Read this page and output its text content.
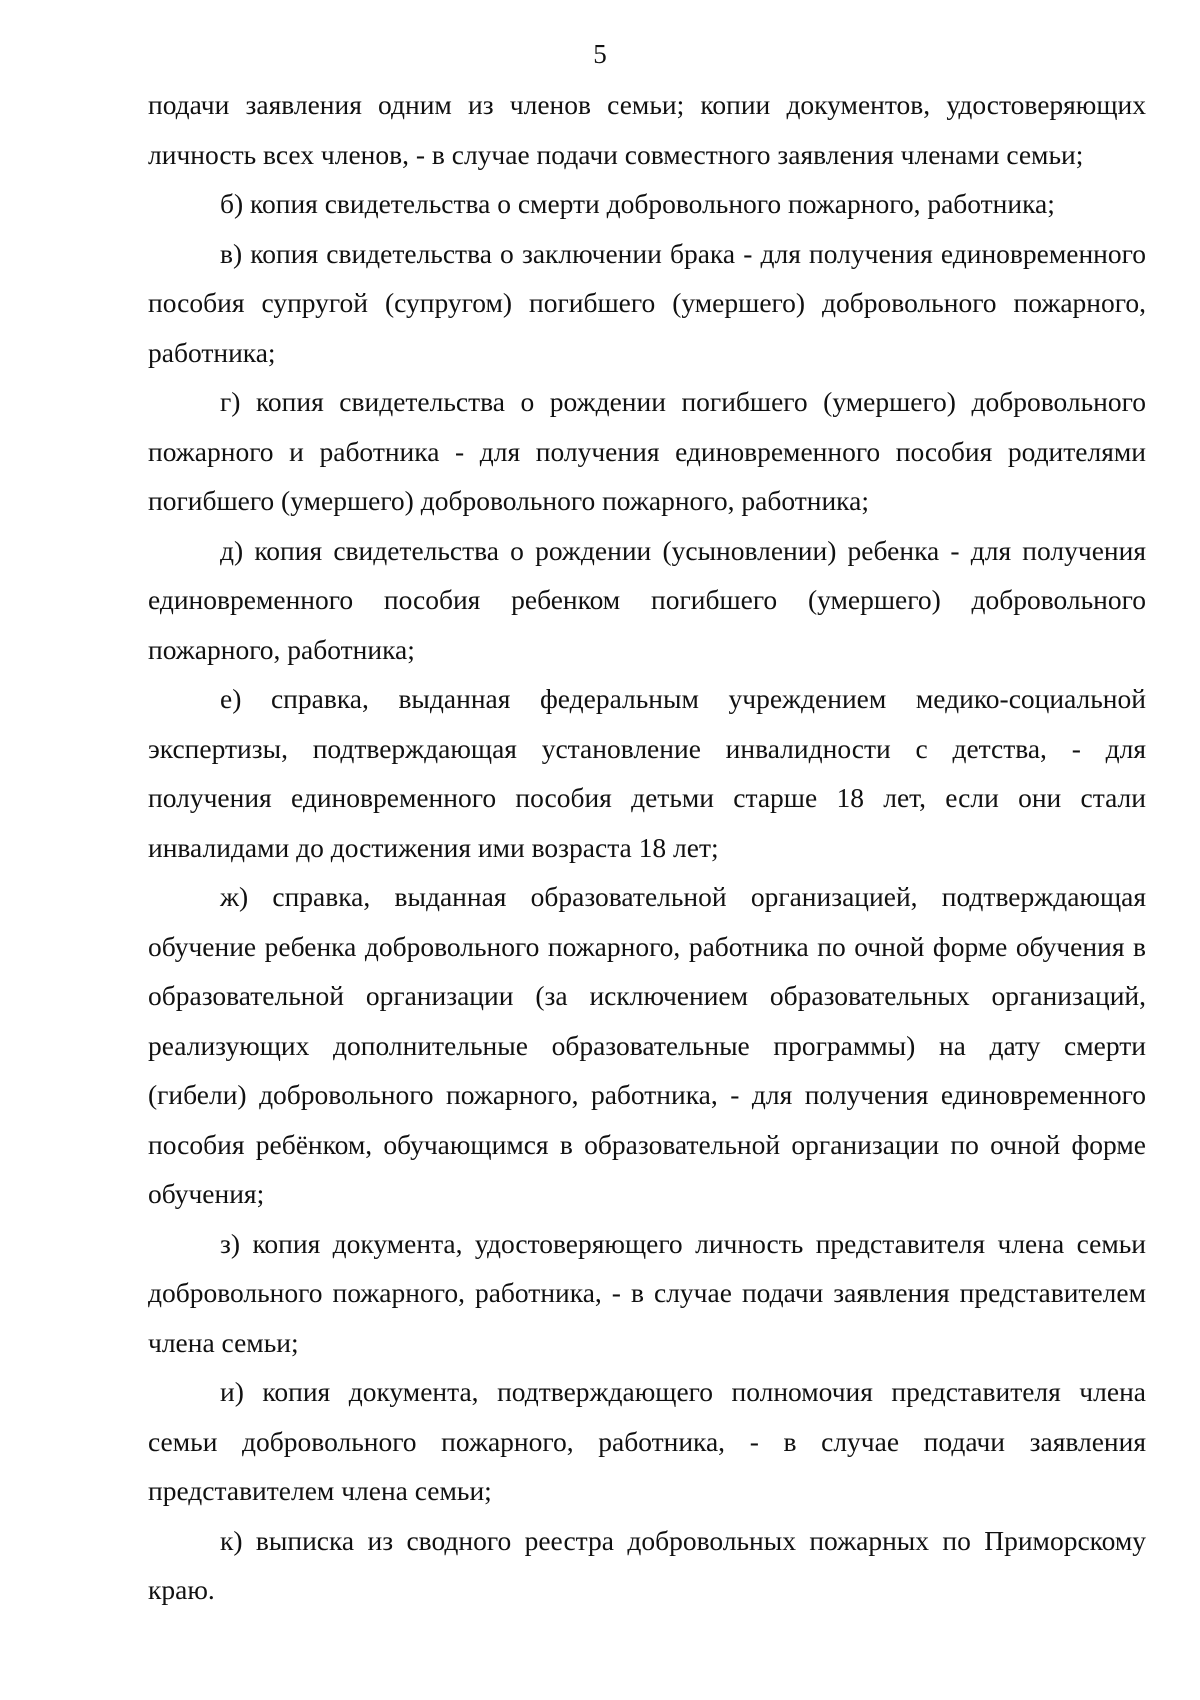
5

подачи заявления одним из членов семьи; копии документов, удостоверяющих личность всех членов, - в случае подачи совместного заявления членами семьи;

б) копия свидетельства о смерти добровольного пожарного, работника;

в) копия свидетельства о заключении брака - для получения единовременного пособия супругой (супругом) погибшего (умершего) добровольного пожарного, работника;

г) копия свидетельства о рождении погибшего (умершего) добровольного пожарного и работника - для получения единовременного пособия родителями погибшего (умершего) добровольного пожарного, работника;

д) копия свидетельства о рождении (усыновлении) ребенка - для получения единовременного пособия ребенком погибшего (умершего) добровольного пожарного, работника;

е) справка, выданная федеральным учреждением медико-социальной экспертизы, подтверждающая установление инвалидности с детства, - для получения единовременного пособия детьми старше 18 лет, если они стали инвалидами до достижения ими возраста 18 лет;

ж) справка, выданная образовательной организацией, подтверждающая обучение ребенка добровольного пожарного, работника по очной форме обучения в образовательной организации (за исключением образовательных организаций, реализующих дополнительные образовательные программы) на дату смерти (гибели) добровольного пожарного, работника, - для получения единовременного пособия ребёнком, обучающимся в образовательной организации по очной форме обучения;

з) копия документа, удостоверяющего личность представителя члена семьи добровольного пожарного, работника, - в случае подачи заявления представителем члена семьи;

и) копия документа, подтверждающего полномочия представителя члена семьи добровольного пожарного, работника, - в случае подачи заявления представителем члена семьи;

к) выписка из сводного реестра добровольных пожарных по Приморскому краю.
